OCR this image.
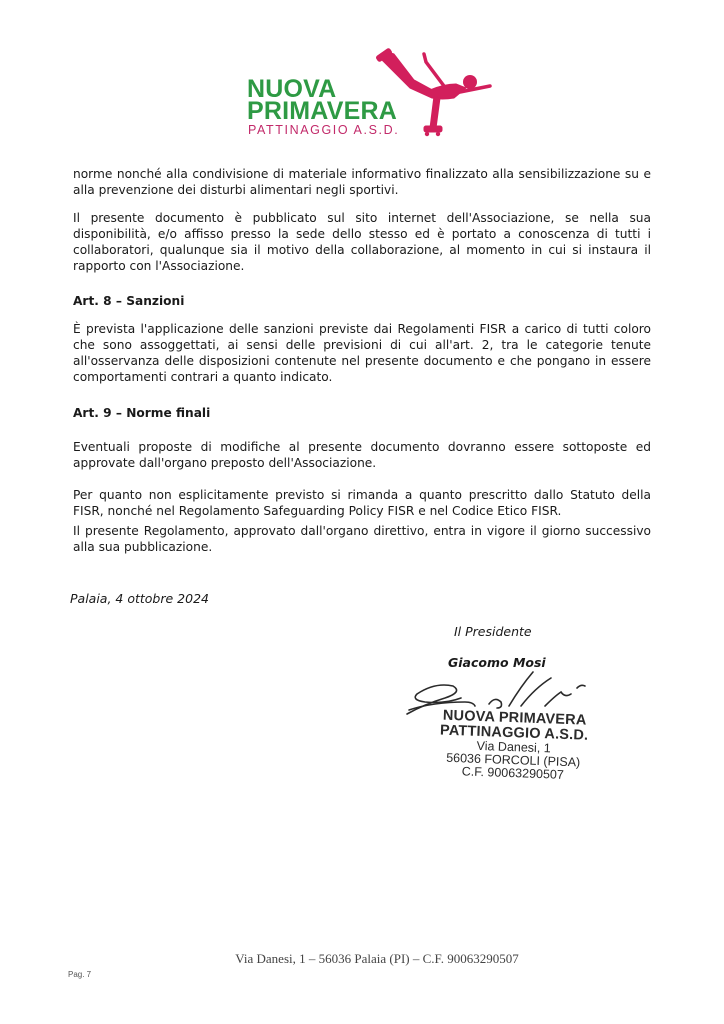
NUOVA
PRIMAVERA
PATTINAGGIO A.S.D.

norme nonché alla condivisione di materiale informativo finalizzato alla sensibilizzazione su e alla prevenzione dei disturbi alimentari negli sportivi.

Il presente documento è pubblicato sul sito internet dell'Associazione, se nella sua disponibilità, e/o affisso presso la sede dello stesso ed è portato a conoscenza di tutti i collaboratori, qualunque sia il motivo della collaborazione, al momento in cui si instaura il rapporto con l'Associazione.

Art. 8 – Sanzioni

È prevista l'applicazione delle sanzioni previste dai Regolamenti FISR a carico di tutti coloro che sono assoggettati, ai sensi delle previsioni di cui all'art. 2, tra le categorie tenute all'osservanza delle disposizioni contenute nel presente documento e che pongano in essere comportamenti contrari a quanto indicato.

Art. 9 – Norme finali

Eventuali proposte di modifiche al presente documento dovranno essere sottoposte ed approvate dall'organo preposto dell'Associazione.

Per quanto non esplicitamente previsto si rimanda a quanto prescritto dallo Statuto della FISR, nonché nel Regolamento Safeguarding Policy FISR e nel Codice Etico FISR.

Il presente Regolamento, approvato dall'organo direttivo, entra in vigore il giorno successivo alla sua pubblicazione.

Palaia, 4 ottobre 2024
Il Presidente
Giacomo Mosi
NUOVA PRIMAVERA
PATTINAGGIO A.S.D.
Via Danesi, 1
56036 FORCOLI (PISA)
C.F. 90063290507
Via Danesi, 1 – 56036 Palaia (PI) – C.F. 90063290507
Pag. 7
